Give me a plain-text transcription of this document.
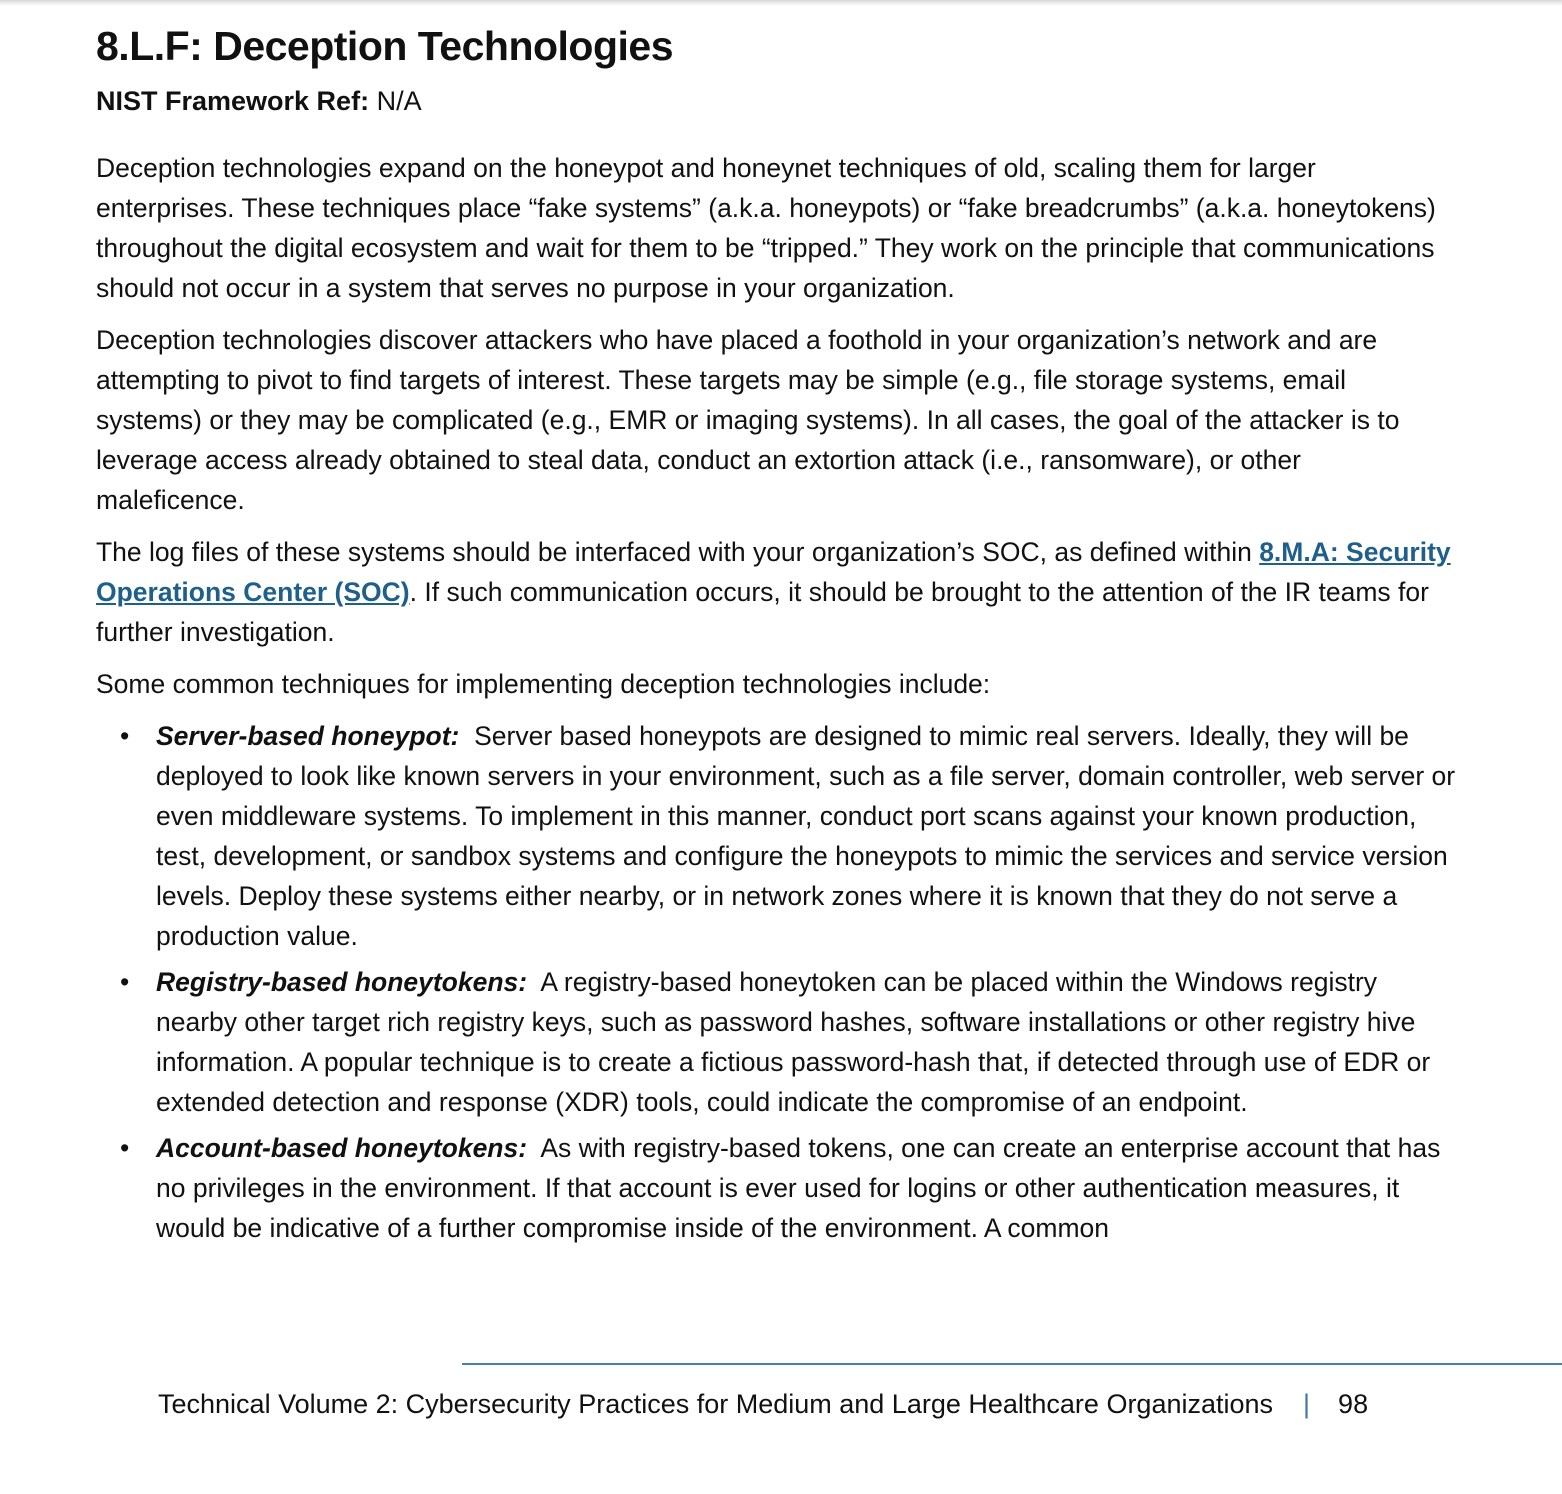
8.L.F: Deception Technologies
NIST Framework Ref: N/A

Deception technologies expand on the honeypot and honeynet techniques of old, scaling them for larger enterprises. These techniques place “fake systems” (a.k.a. honeypots) or “fake breadcrumbs” (a.k.a. honeytokens) throughout the digital ecosystem and wait for them to be “tripped.” They work on the principle that communications should not occur in a system that serves no purpose in your organization.

Deception technologies discover attackers who have placed a foothold in your organization’s network and are attempting to pivot to find targets of interest. These targets may be simple (e.g., file storage systems, email systems) or they may be complicated (e.g., EMR or imaging systems). In all cases, the goal of the attacker is to leverage access already obtained to steal data, conduct an extortion attack (i.e., ransomware), or other maleficence.

The log files of these systems should be interfaced with your organization’s SOC, as defined within 8.M.A: Security Operations Center (SOC). If such communication occurs, it should be brought to the attention of the IR teams for further investigation.

Some common techniques for implementing deception technologies include:

• Server-based honeypot: Server based honeypots are designed to mimic real servers. Ideally, they will be deployed to look like known servers in your environment, such as a file server, domain controller, web server or even middleware systems. To implement in this manner, conduct port scans against your known production, test, development, or sandbox systems and configure the honeypots to mimic the services and service version levels. Deploy these systems either nearby, or in network zones where it is known that they do not serve a production value.
• Registry-based honeytokens: A registry-based honeytoken can be placed within the Windows registry nearby other target rich registry keys, such as password hashes, software installations or other registry hive information. A popular technique is to create a fictious password-hash that, if detected through use of EDR or extended detection and response (XDR) tools, could indicate the compromise of an endpoint.
• Account-based honeytokens: As with registry-based tokens, one can create an enterprise account that has no privileges in the environment. If that account is ever used for logins or other authentication measures, it would be indicative of a further compromise inside of the environment. A common
Technical Volume 2: Cybersecurity Practices for Medium and Large Healthcare Organizations | 98
